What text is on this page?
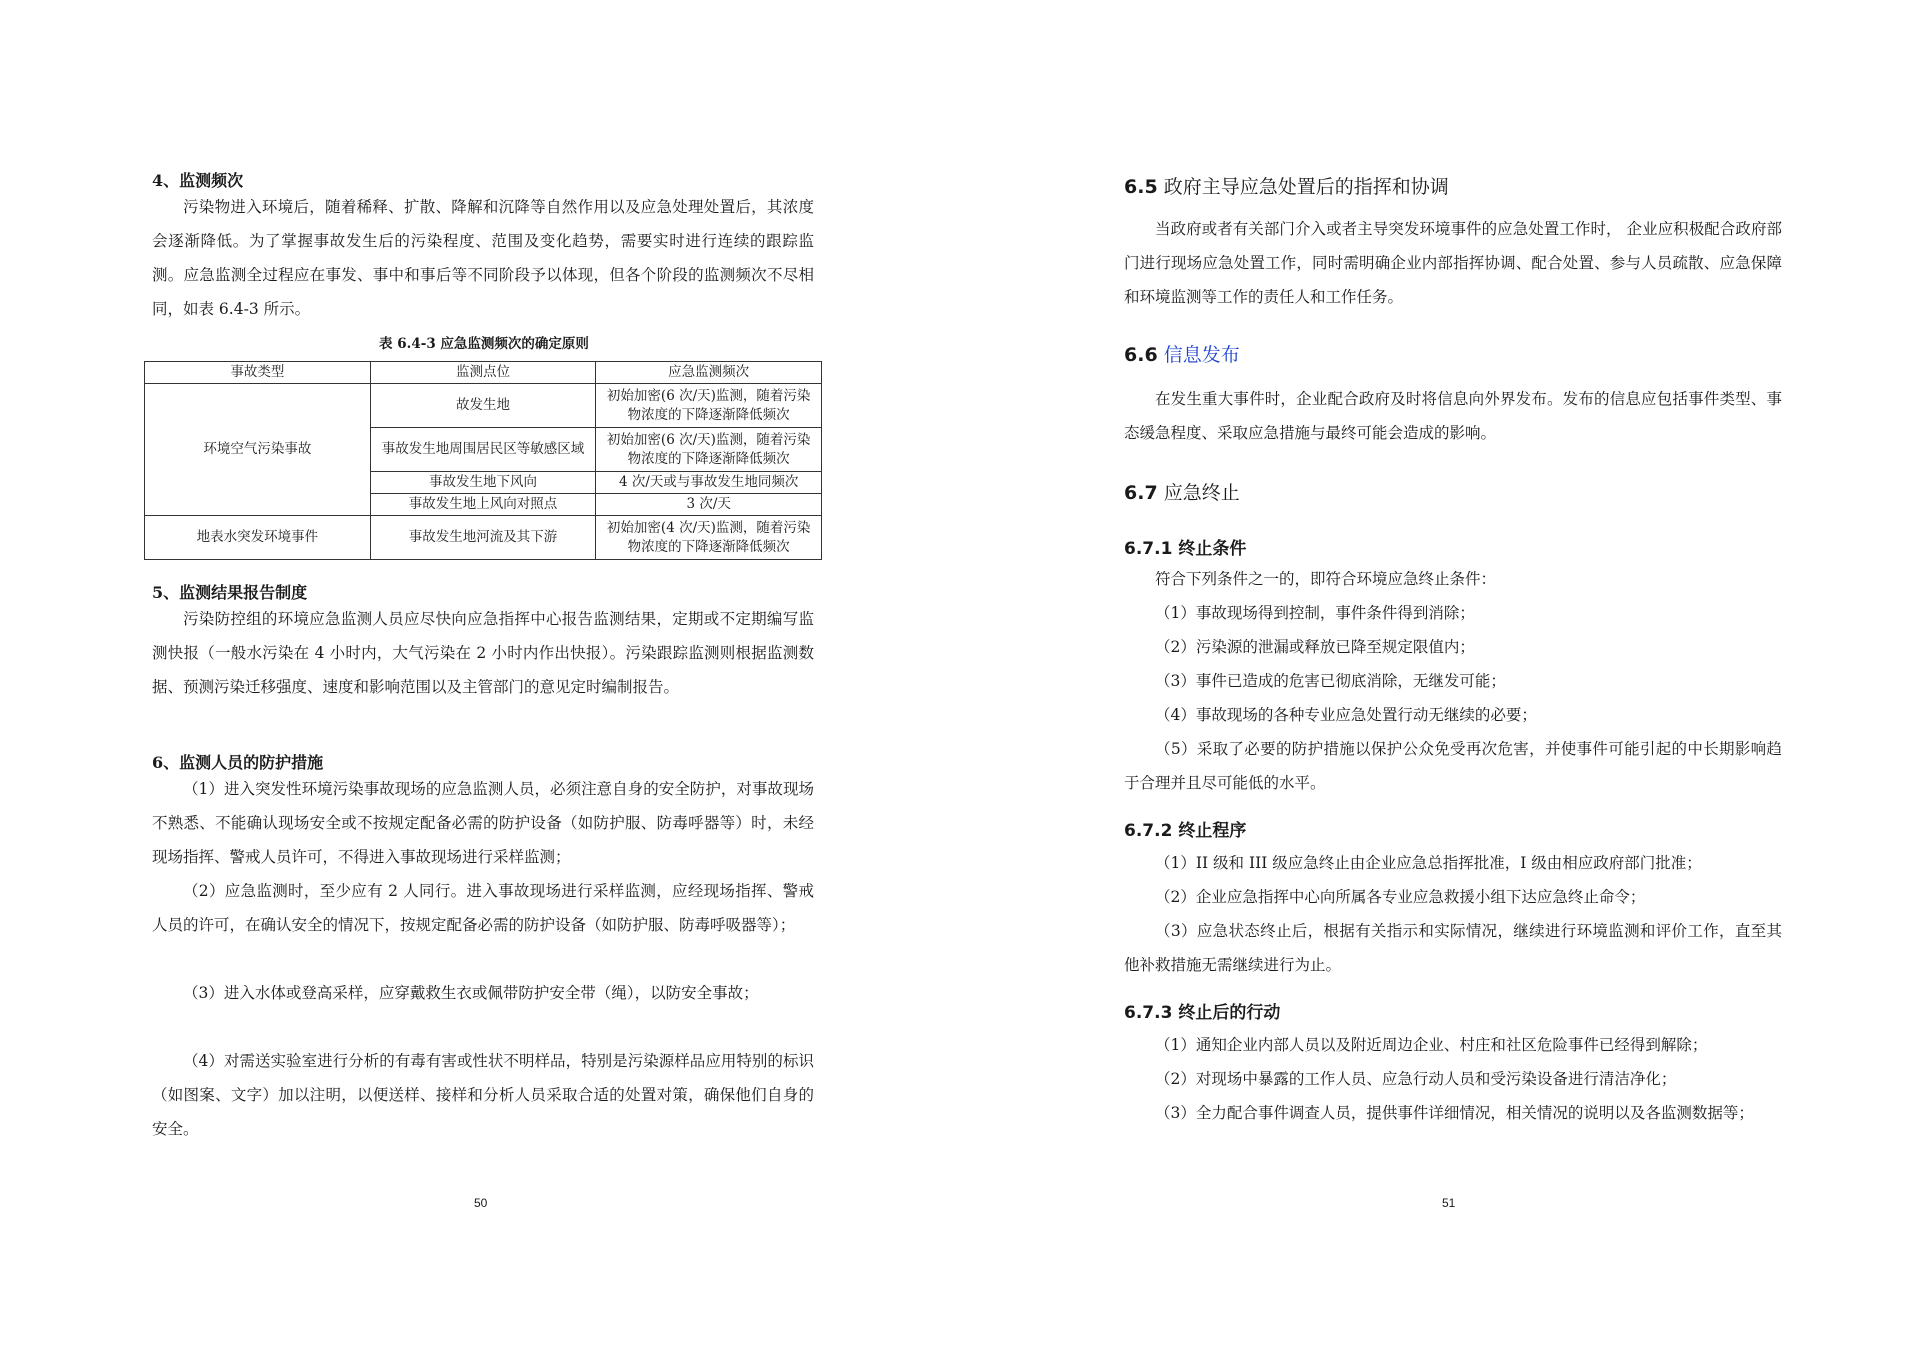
4、监测频次

污染物进入环境后，随着稀释、扩散、降解和沉降等自然作用以及应急处理处置后，其浓度会逐渐降低。为了掌握事故发生后的污染程度、范围及变化趋势，需要实时进行连续的跟踪监测。应急监测全过程应在事发、事中和事后等不同阶段予以体现，但各个阶段的监测频次不尽相同，如表 6.4-3 所示。

表 6.4-3 应急监测频次的确定原则

事故类型	监测点位	应急监测频次
环境空气污染事故	故发生地	初始加密(6 次/天)监测，随着污染物浓度的下降逐渐降低频次
	事故发生地周围居民区等敏感区域	初始加密(6 次/天)监测，随着污染物浓度的下降逐渐降低频次
	事故发生地下风向	4 次/天或与事故发生地同频次
	事故发生地上风向对照点	3 次/天
地表水突发环境事件	事故发生地河流及其下游	初始加密(4 次/天)监测，随着污染物浓度的下降逐渐降低频次
5、监测结果报告制度

污染防控组的环境应急监测人员应尽快向应急指挥中心报告监测结果，定期或不定期编写监测快报（一般水污染在 4 小时内，大气污染在 2 小时内作出快报）。污染跟踪监测则根据监测数据、预测污染迁移强度、速度和影响范围以及主管部门的意见定时编制报告。

6、监测人员的防护措施

（1）进入突发性环境污染事故现场的应急监测人员，必须注意自身的安全防护，对事故现场不熟悉、不能确认现场安全或不按规定配备必需的防护设备（如防护服、防毒呼器等）时，未经现场指挥、警戒人员许可，不得进入事故现场进行采样监测；

（2）应急监测时，至少应有 2 人同行。进入事故现场进行采样监测，应经现场指挥、警戒人员的许可，在确认安全的情况下，按规定配备必需的防护设备（如防护服、防毒呼吸器等）；

（3）进入水体或登高采样，应穿戴救生衣或佩带防护安全带（绳），以防安全事故；

（4）对需送实验室进行分析的有毒有害或性状不明样品，特别是污染源样品应用特别的标识（如图案、文字）加以注明，以便送样、接样和分析人员采取合适的处置对策，确保他们自身的安全。

50
6.5 政府主导应急处置后的指挥和协调

当政府或者有关部门介入或者主导突发环境事件的应急处置工作时， 企业应积极配合政府部门进行现场应急处置工作，同时需明确企业内部指挥协调、配合处置、参与人员疏散、应急保障和环境监测等工作的责任人和工作任务。

6.6 信息发布

在发生重大事件时，企业配合政府及时将信息向外界发布。发布的信息应包括事件类型、事态缓急程度、采取应急措施与最终可能会造成的影响。

6.7 应急终止
6.7.1 终止条件

符合下列条件之一的，即符合环境应急终止条件：

（1）事故现场得到控制，事件条件得到消除；

（2）污染源的泄漏或释放已降至规定限值内；

（3）事件已造成的危害已彻底消除，无继发可能；

（4）事故现场的各种专业应急处置行动无继续的必要；

（5）采取了必要的防护措施以保护公众免受再次危害，并使事件可能引起的中长期影响趋于合理并且尽可能低的水平。

6.7.2 终止程序

（1）II 级和 III 级应急终止由企业应急总指挥批准，I 级由相应政府部门批准；

（2）企业应急指挥中心向所属各专业应急救援小组下达应急终止命令；

（3）应急状态终止后，根据有关指示和实际情况，继续进行环境监测和评价工作，直至其他补救措施无需继续进行为止。

6.7.3 终止后的行动

（1）通知企业内部人员以及附近周边企业、村庄和社区危险事件已经得到解除；

（2）对现场中暴露的工作人员、应急行动人员和受污染设备进行清洁净化；

（3）全力配合事件调查人员，提供事件详细情况，相关情况的说明以及各监测数据等；

51
